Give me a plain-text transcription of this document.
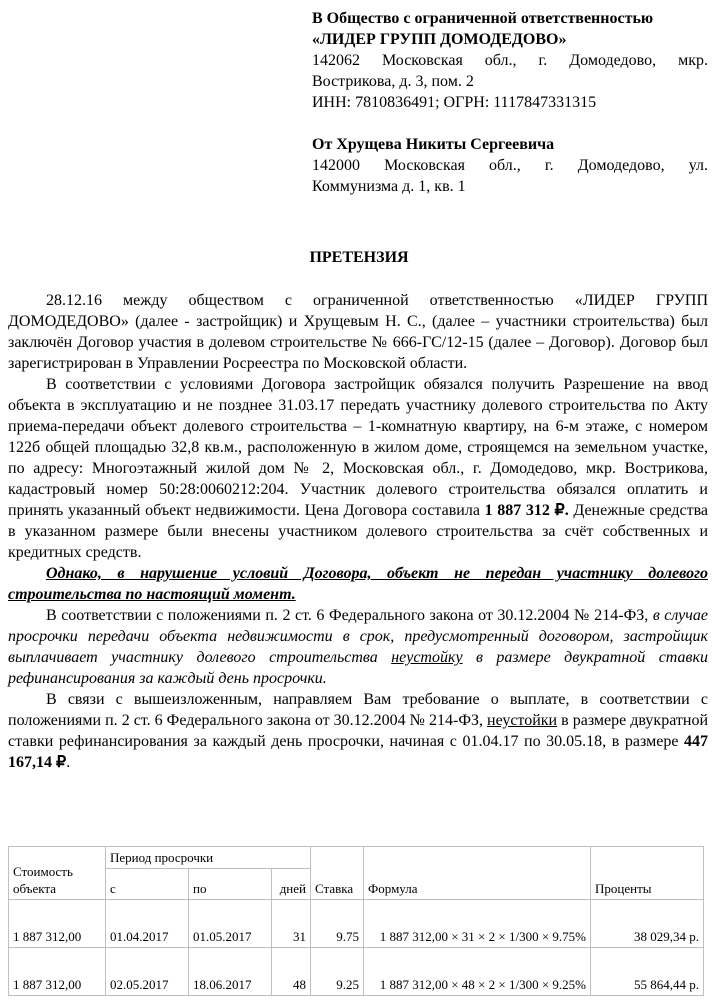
В Общество с ограниченной ответственностью
«ЛИДЕР ГРУПП ДОМОДЕДОВО»
142062 Московская обл., г. Домодедово, мкр.
Вострикова, д. 3, пом. 2
ИНН: 7810836491; ОГРН: 1117847331315
От Хрущева Никиты Сергеевича
142000 Московская обл., г. Домодедово, ул.
Коммунизма д. 1, кв. 1
ПРЕТЕНЗИЯ

28.12.16 между обществом с ограниченной ответственностью «ЛИДЕР ГРУПП ДОМОДЕДОВО» (далее - застройщик) и Хрущевым Н. С., (далее – участники строительства) был заключён Договор участия в долевом строительстве № 666-ГС/12-15 (далее – Договор). Договор был зарегистрирован в Управлении Росреестра по Московской области.

В соответствии с условиями Договора застройщик обязался получить Разрешение на ввод объекта в эксплуатацию и не позднее 31.03.17 передать участнику долевого строительства по Акту приема-передачи объект долевого строительства – 1-комнатную квартиру, на 6-м этаже, с номером 122б общей площадью 32,8 кв.м., расположенную в жилом доме, строящемся на земельном участке, по адресу: Многоэтажный жилой дом № 2, Московская обл., г. Домодедово, мкр. Вострикова, кадастровый номер 50:28:0060212:204. Участник долевого строительства обязался оплатить и принять указанный объект недвижимости. Цена Договора составила 1 887 312 ₽. Денежные средства в указанном размере были внесены участником долевого строительства за счёт собственных и кредитных средств.

Однако, в нарушение условий Договора, объект не передан участнику долевого строительства по настоящий момент.

В соответствии с положениями п. 2 ст. 6 Федерального закона от 30.12.2004 № 214-ФЗ, в случае просрочки передачи объекта недвижимости в срок, предусмотренный договором, застройщик выплачивает участнику долевого строительства неустойку в размере двукратной ставки рефинансирования за каждый день просрочки.

В связи с вышеизложенным, направляем Вам требование о выплате, в соответствии с положениями п. 2 ст. 6 Федерального закона от 30.12.2004 № 214-ФЗ, неустойки в размере двукратной ставки рефинансирования за каждый день просрочки, начиная с 01.04.17 по 30.05.18, в размере 447 167,14 ₽.

Стоимость объекта	Период просрочки			Ставка	Формула	Проценты
	с	по	дней			
1 887 312,00	01.04.2017	01.05.2017	31	9.75	1 887 312,00 × 31 × 2 × 1/300 × 9.75%	38 029,34 р.
1 887 312,00	02.05.2017	18.06.2017	48	9.25	1 887 312,00 × 48 × 2 × 1/300 × 9.25%	55 864,44 р.
